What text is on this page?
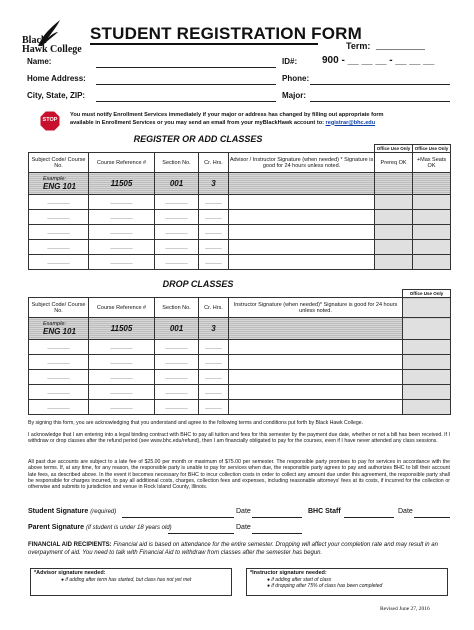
Black
Hawk College
STUDENT REGISTRATION FORM
Term: ___________
Name:	ID#: 900 - __ __ __ - __ __ __
Home Address:	Phone:
City, State, ZIP:	Major:
STOP
You must notify Enrollment Services immediately if your major or address has changed by filling out appropriate form
available in Enrollment Services or you may send an email from your myBlackHawk account to: registrar@bhc.edu
REGISTER OR ADD CLASSES
					Office Use Only	Office Use Only
Subject Code/ Course No.	Course Reference #	Section No.	Cr. Hrs.	Advisor / Instructor Signature (when needed) * Signature is good for 24 hours unless noted.	Prereq OK	+Max Seats OK

Example:
ENG 101	11505	001	3			
________	________	________	______			
________	________	________	______			
________	________	________	______			
________	________	________	______			
________	________	________	______			
DROP CLASSES
					Office Use Only
Subject Code/ Course No.	Course Reference #	Section No.	Cr. Hrs.	Instructor Signature (when needed)* Signature is good for 24 hours unless noted.	

Example:
ENG 101	11505	001	3		
________	________	________	______		
________	________	________	______		
________	________	________	______		
________	________	________	______		
________	________	________	______		
By signing this form, you are acknowledging that you understand and agree to the following terms and conditions put forth by Black Hawk College.
I acknowledge that I am entering into a legal binding contract with BHC to pay all tuition and fees for this semester by the payment due date, whether or not a bill has been received. If I withdraw or drop classes after the refund period (see www.bhc.edu/refund), then I am financially obligated to pay for the courses, even if I have never attended any class sessions.
All past due accounts are subject to a late fee of $25.00 per month or maximum of $75.00 per semester. The responsible party promises to pay for services in accordance with the above terms. If, at any time, for any reason, the responsible party is unable to pay for services when due, the responsible party agrees to pay and authorizes BHC to bill their account late fees, as described above. In the event it becomes necessary for BHC to incur collection costs in order to collect any amount due under this agreement, the responsible party shall be responsible for charges incurred, to pay all additional costs, charges, collection fees and expenses, including reasonable attorneys' fees at its costs, if incurred for the collection or otherwise and submits to jurisdiction and venue in Rock Island County, Illinois.
Student Signature (required)	Date	BHC Staff	Date
Parent Signature (if student is under 18 years old)	Date
FINANCIAL AID RECIPIENTS: Financial aid is based on attendance for the entire semester. Dropping will affect your completion rate and may result in an overpayment of aid. You need to talk with Financial Aid to withdraw from classes after the semester has begun.
*Advisor signature needed:
● if adding after term has started, but class has not yet met
*Instructor signature needed:
● if adding after start of class
● if dropping after 75% of class has been completed
Revised June 27, 2016
